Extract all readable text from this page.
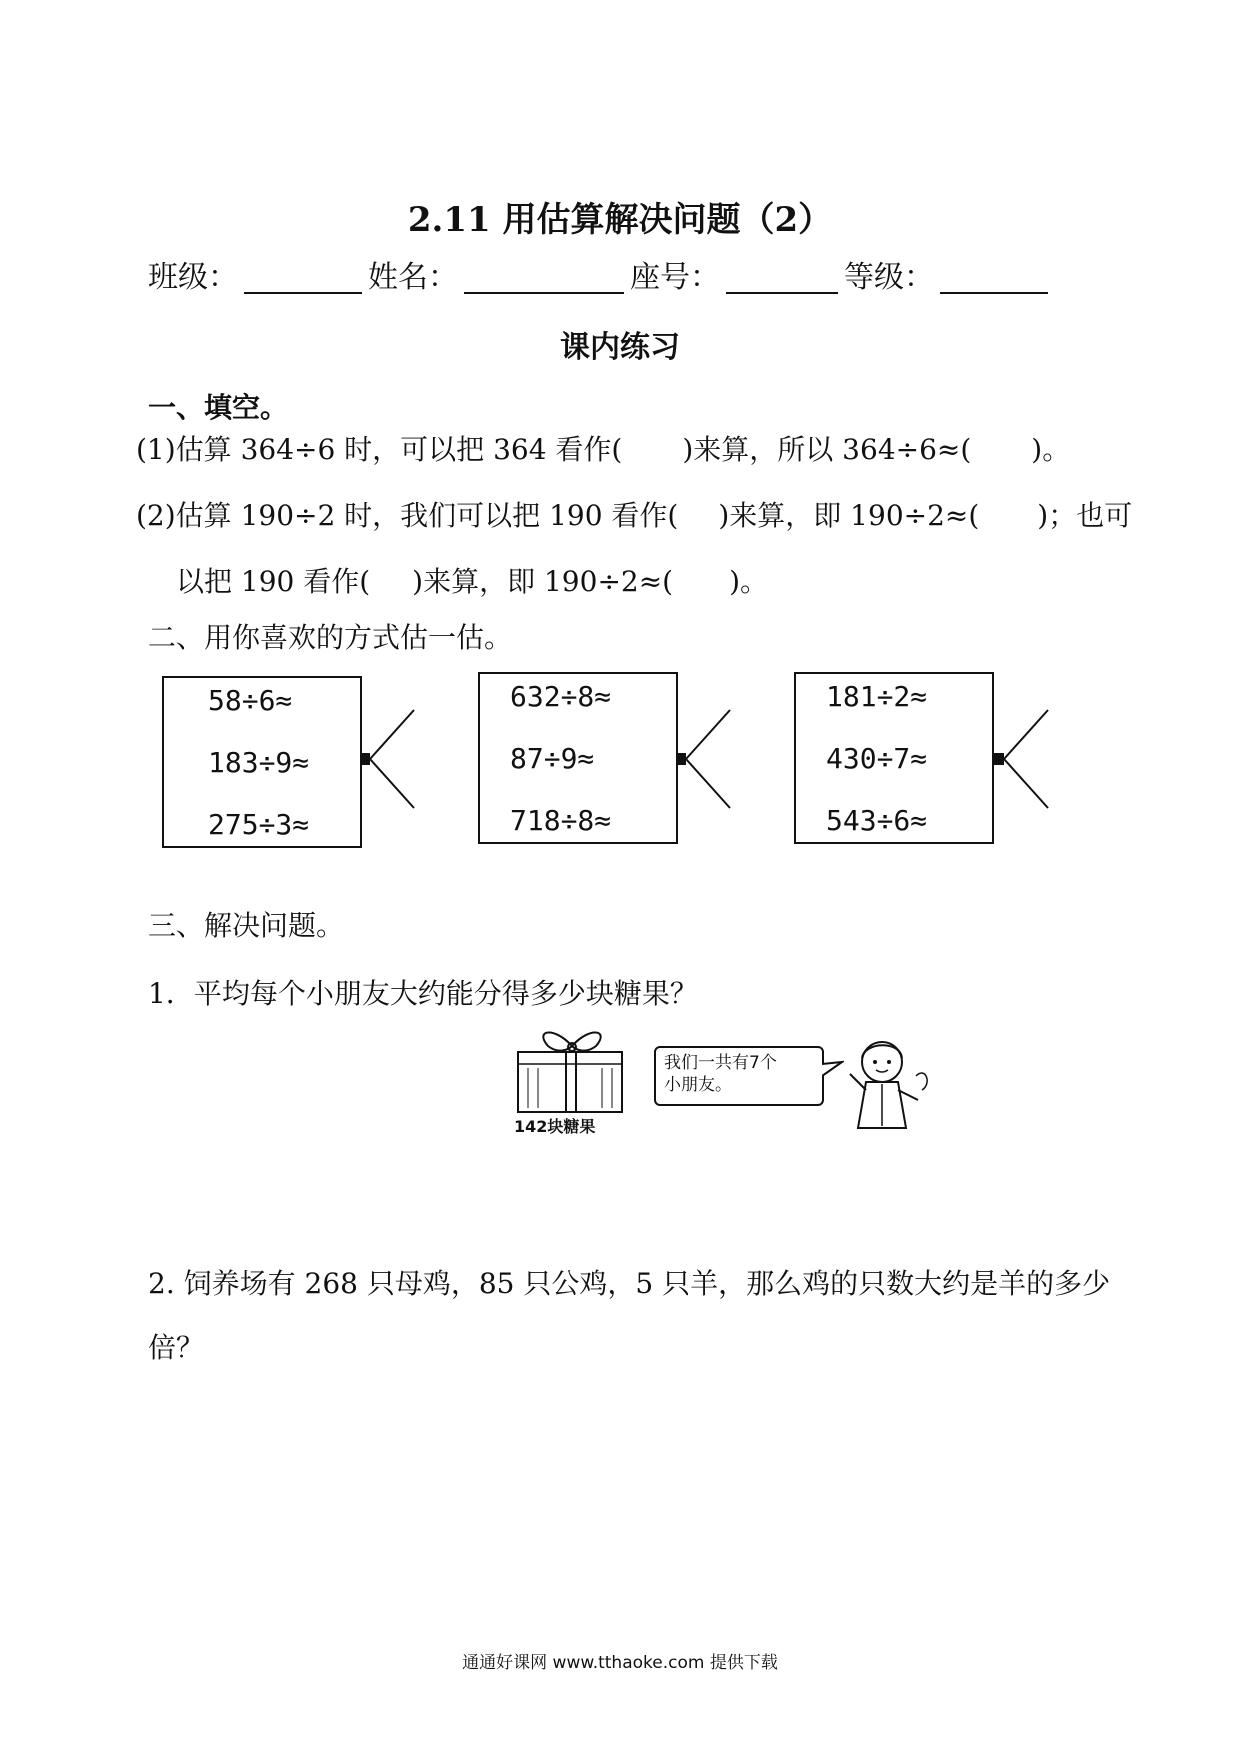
2.11 用估算解决问题（2）
班级：	姓名：	座号：	等级：
课内练习
一、填空。
(1)估算 364÷6 时，可以把 364 看作( )来算，所以 364÷6≈( )。
(2)估算 190÷2 时，我们可以把 190 看作( )来算，即 190÷2≈( )；也可
以把 190 看作( )来算，即 190÷2≈( )。
二、用你喜欢的方式估一估。
58÷6≈
183÷9≈
275÷3≈
632÷8≈
87÷9≈
718÷8≈
181÷2≈
430÷7≈
543÷6≈
三、解决问题。
1．平均每个小朋友大约能分得多少块糖果？
142块糖果
我们一共有7个
小朋友。
2. 饲养场有 268 只母鸡，85 只公鸡，5 只羊，那么鸡的只数大约是羊的多少
倍？
通通好课网 www.tthaoke.com 提供下载
